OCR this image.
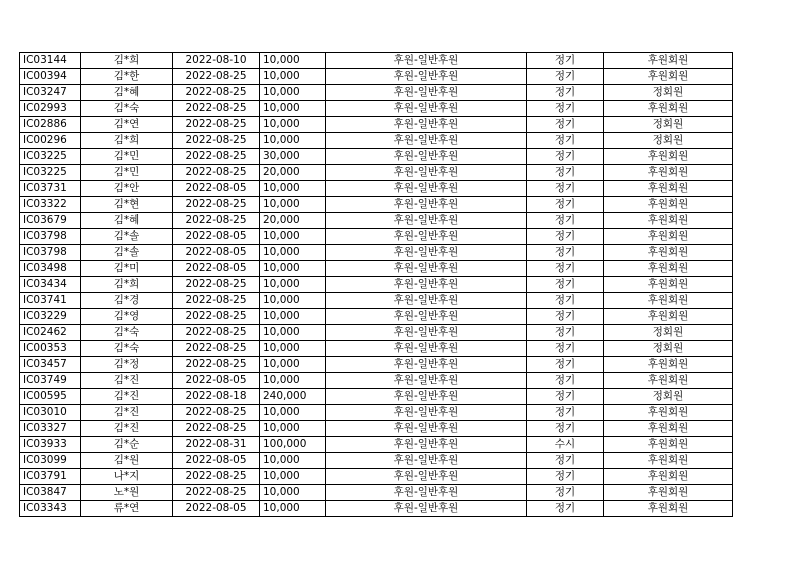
IC03144	김*희	2022-08-10	10,000	후원-일반후원	정기	후원회원
IC00394	김*한	2022-08-25	10,000	후원-일반후원	정기	후원회원
IC03247	김*혜	2022-08-25	10,000	후원-일반후원	정기	정회원
IC02993	김*숙	2022-08-25	10,000	후원-일반후원	정기	후원회원
IC02886	김*연	2022-08-25	10,000	후원-일반후원	정기	정회원
IC00296	김*희	2022-08-25	10,000	후원-일반후원	정기	정회원
IC03225	김*민	2022-08-25	30,000	후원-일반후원	정기	후원회원
IC03225	김*민	2022-08-25	20,000	후원-일반후원	정기	후원회원
IC03731	김*안	2022-08-05	10,000	후원-일반후원	정기	후원회원
IC03322	김*현	2022-08-25	10,000	후원-일반후원	정기	후원회원
IC03679	김*혜	2022-08-25	20,000	후원-일반후원	정기	후원회원
IC03798	김*솔	2022-08-05	10,000	후원-일반후원	정기	후원회원
IC03798	김*솔	2022-08-05	10,000	후원-일반후원	정기	후원회원
IC03498	김*미	2022-08-05	10,000	후원-일반후원	정기	후원회원
IC03434	김*희	2022-08-25	10,000	후원-일반후원	정기	후원회원
IC03741	김*경	2022-08-25	10,000	후원-일반후원	정기	후원회원
IC03229	김*영	2022-08-25	10,000	후원-일반후원	정기	후원회원
IC02462	김*숙	2022-08-25	10,000	후원-일반후원	정기	정회원
IC00353	김*숙	2022-08-25	10,000	후원-일반후원	정기	정회원
IC03457	김*정	2022-08-25	10,000	후원-일반후원	정기	후원회원
IC03749	김*진	2022-08-05	10,000	후원-일반후원	정기	후원회원
IC00595	김*진	2022-08-18	240,000	후원-일반후원	정기	정회원
IC03010	김*진	2022-08-25	10,000	후원-일반후원	정기	후원회원
IC03327	김*진	2022-08-25	10,000	후원-일반후원	정기	후원회원
IC03933	김*순	2022-08-31	100,000	후원-일반후원	수시	후원회원
IC03099	김*원	2022-08-05	10,000	후원-일반후원	정기	후원회원
IC03791	나*지	2022-08-25	10,000	후원-일반후원	정기	후원회원
IC03847	노*원	2022-08-25	10,000	후원-일반후원	정기	후원회원
IC03343	류*연	2022-08-05	10,000	후원-일반후원	정기	후원회원
